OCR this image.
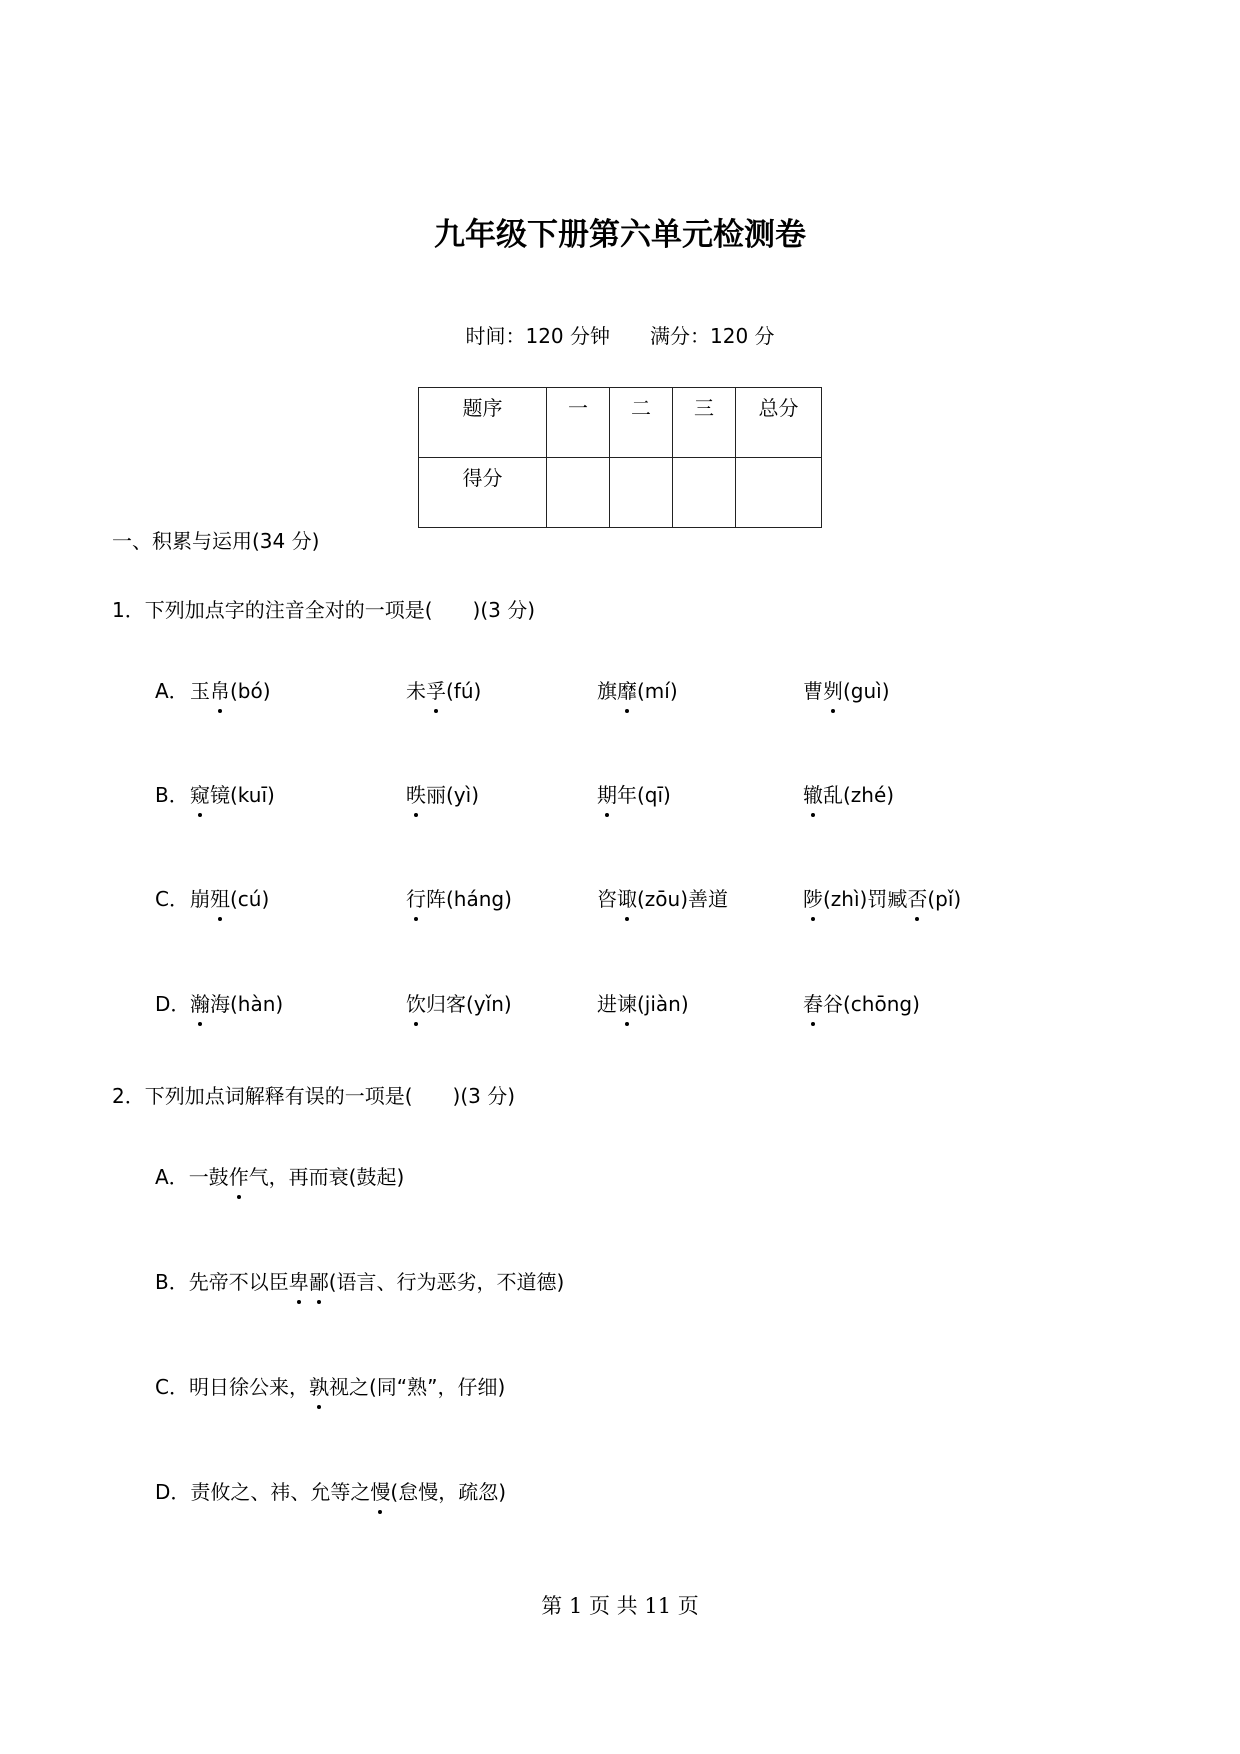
九年级下册第六单元检测卷
时间：120 分钟 满分：120 分
题序	一	二	三	总分
得分				
一、积累与运用(34 分)
1．下列加点字的注音全对的一项是(　　)(3 分)
A． 玉帛(bó)	未孚(fú)	旗靡(mí)	曹刿(guì)
B． 窥镜(kuī)	昳丽(yì)	期年(qī)	辙乱(zhé)
C． 崩殂(cú)	行阵(háng)	咨诹(zōu)善道	陟(zhì)罚臧否(pǐ)
D． 瀚海(hàn)	饮归客(yǐn)	进谏(jiàn)	舂谷(chōng)
2．下列加点词解释有误的一项是(　　)(3 分)
A．一鼓作气，再而衰(鼓起)
B．先帝不以臣卑鄙(语言、行为恶劣，不道德)
C．明日徐公来，孰视之(同“熟”，仔细)
D．责攸之、祎、允等之慢(怠慢，疏忽)
第 1 页 共 11 页
